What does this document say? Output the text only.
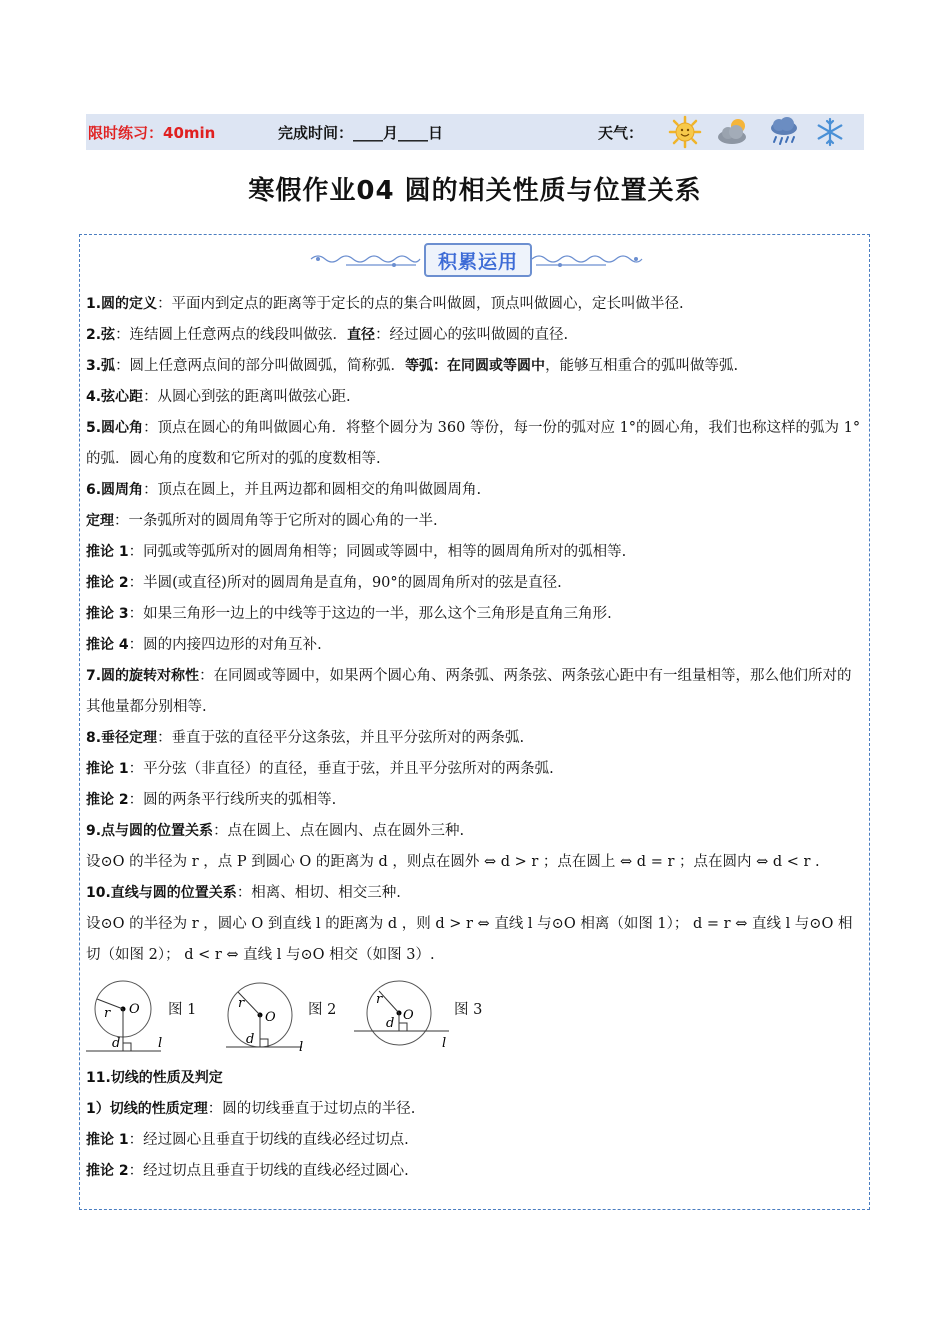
限时练习：40min	完成时间：____月____日	天气：
寒假作业04 圆的相关性质与位置关系
积累运用

1.圆的定义：平面内到定点的距离等于定长的点的集合叫做圆，顶点叫做圆心，定长叫做半径.

2.弦：连结圆上任意两点的线段叫做弦．直径：经过圆心的弦叫做圆的直径.

3.弧：圆上任意两点间的部分叫做圆弧，简称弧．等弧：在同圆或等圆中，能够互相重合的弧叫做等弧.

4.弦心距：从圆心到弦的距离叫做弦心距.

5.圆心角：顶点在圆心的角叫做圆心角．将整个圆分为 360 等份，每一份的弧对应 1°的圆心角，我们也称这样的弧为 1°的弧．圆心角的度数和它所对的弧的度数相等.

6.圆周角：顶点在圆上，并且两边都和圆相交的角叫做圆周角.

定理：一条弧所对的圆周角等于它所对的圆心角的一半.

推论 1：同弧或等弧所对的圆周角相等；同圆或等圆中，相等的圆周角所对的弧相等.

推论 2：半圆(或直径)所对的圆周角是直角，90°的圆周角所对的弦是直径.

推论 3：如果三角形一边上的中线等于这边的一半，那么这个三角形是直角三角形.

推论 4：圆的内接四边形的对角互补.

7.圆的旋转对称性：在同圆或等圆中，如果两个圆心角、两条弧、两条弦、两条弦心距中有一组量相等，那么他们所对的其他量都分别相等.

8.垂径定理：垂直于弦的直径平分这条弦，并且平分弦所对的两条弧.

推论 1：平分弦（非直径）的直径，垂直于弦，并且平分弦所对的两条弧.

推论 2：圆的两条平行线所夹的弧相等.

9.点与圆的位置关系：点在圆上、点在圆内、点在圆外三种.

设⊙O 的半径为 r ，点 P 到圆心 O 的距离为 d ，则点在圆外 ⇔ d > r ；点在圆上 ⇔ d = r ；点在圆内 ⇔ d < r .

10.直线与圆的位置关系：相离、相切、相交三种.

设⊙O 的半径为 r ，圆心 O 到直线 l 的距离为 d ，则 d > r ⇔ 直线 l 与⊙O 相离（如图 1）； d = r ⇔ 直线 l 与⊙O 相切（如图 2）； d < r ⇔ 直线 l 与⊙O 相交（如图 3）.

r O
d	l
图 1	r
O
d
l
图 2
r
O
d
l
图 3

11.切线的性质及判定

1）切线的性质定理：圆的切线垂直于过切点的半径.

推论 1：经过圆心且垂直于切线的直线必经过切点.

推论 2：经过切点且垂直于切线的直线必经过圆心.
